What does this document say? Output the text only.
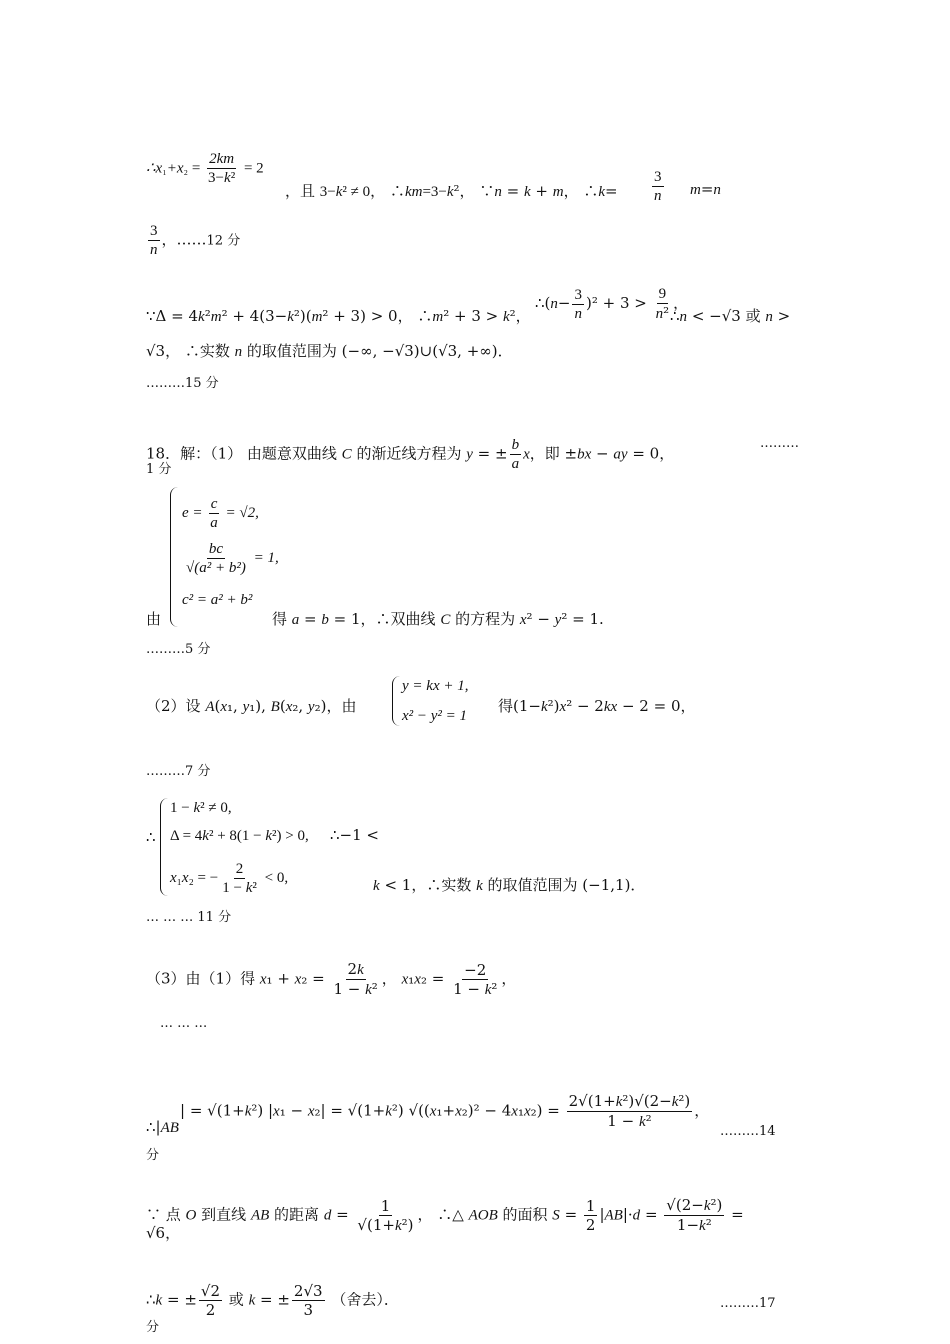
∴x₁+x₂ = $\frac{2km}{\text{3−k²}} = 2$
，且 3−k² ≠ 0， ∴km=3−k²， ∵n = k + m， ∴k= $\frac{3}{n} m=n$
$\frac{3}{n}$ ，……12 分
∵Δ = 4k²m² + 4(3−k²)(m² + 3) > 0， ∴m² + 3 > k²，
∴(n− $\frac{3}{n} )^2 + 3 > \frac{9}{\text{n²}}$ ，
∴n < −√3 或 n >
√3， ∴实数 n 的取值范围为 (−∞, −√3)∪(√3, +∞)．
………15 分
18．解：（1） 由题意双曲线 C 的渐近线方程为 y = ± $\frac{b}{a}$ x，即 ±bx − ay = 0，
………
1 分
$e = \frac{c}{a} = √2$,
$\frac{bc}{\text{√(a² + b²)}} = 1$,
c² = a² + b²
由	得 a = b = 1，∴双曲线 C 的方程为 x² − y² = 1.
………5 分
（2）设 A(x₁, y₁), B(x₂, y₂)，由
y = kx + 1,
x² − y² = 1
得(1−k²)x² − 2kx − 2 = 0，
………7 分
∴
1 − k² ≠ 0,
Δ = 4k² + 8(1 − k²) > 0,
x₁x₂ = − $\frac{2}{\text{1 − k²}} < 0$,
∴−1 <
k < 1，∴实数 k 的取值范围为 (−1,1)．
… … … 11 分
（3）由（1）得 $x_1 + x_2 = \frac{2k}{\text{1 − k²}}$ ， $x_1x_2 = \frac{-2}{\text{1 − k²}}$ ，
… … …
∴|AB
| = √(1+k²) |x₁ − x₂| = √(1+k²) $√((x_1+x_2)^2 - 4x_1x_2) = \frac{\text{2√(1+k²)√(2−k²)}}{\text{1 − k²}}$ ，
………14
分
∵ 点 O 到直线 AB 的距离 $d = \frac{1}{\text{√(1+k²)}}$ ， ∴△ AOB 的面积 $S = \frac{1}{2} |AB|\cdot d = \frac{\text{√(2−k²)}}{\text{1−k²}}$ =
√6，
∴k = ± $\frac{√2}{2}$ 或 k = ± $\frac{2√3}{3}$ （舍去）．	………17
分
